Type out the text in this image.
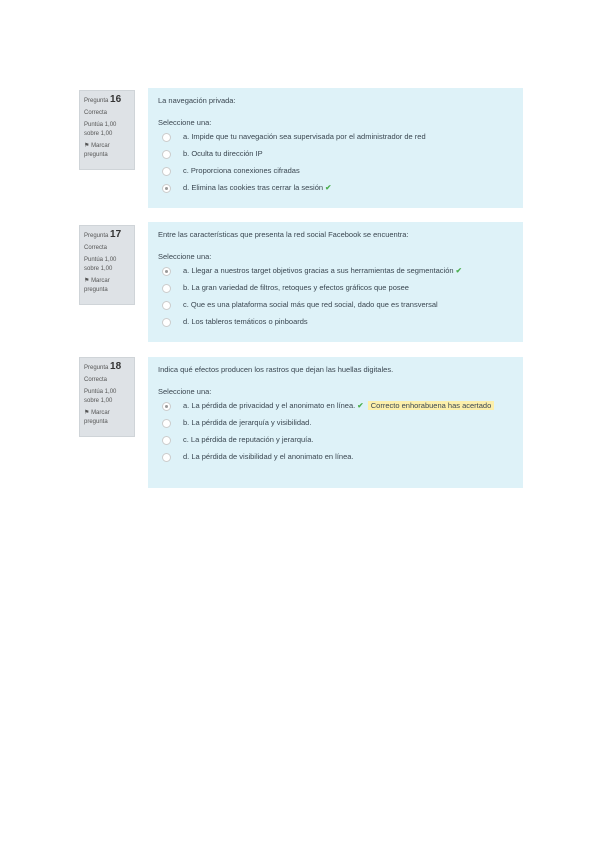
Pregunta 16
Correcta
Puntúa 1,00 sobre 1,00
⚑ Marcar pregunta
La navegación privada:
Seleccione una:
a. Impide que tu navegación sea supervisada por el administrador de red
b. Oculta tu dirección IP
c. Proporciona conexiones cifradas
d. Elimina las cookies tras cerrar la sesión ✔
Pregunta 17
Correcta
Puntúa 1,00 sobre 1,00
⚑ Marcar pregunta
Entre las características que presenta la red social Facebook se encuentra:
Seleccione una:
a. Llegar a nuestros target objetivos gracias a sus herramientas de segmentación ✔
b. La gran variedad de filtros, retoques y efectos gráficos que posee
c. Que es una plataforma social más que red social, dado que es transversal
d. Los tableros temáticos o pinboards
Pregunta 18
Correcta
Puntúa 1,00 sobre 1,00
⚑ Marcar pregunta
Indica qué efectos producen los rastros que dejan las huellas digitales.
Seleccione una:
a. La pérdida de privacidad y el anonimato en línea. ✔ Correcto enhorabuena has acertado
b. La pérdida de jerarquía y visibilidad.
c. La pérdida de reputación y jerarquía.
d. La pérdida de visibilidad y el anonimato en línea.
